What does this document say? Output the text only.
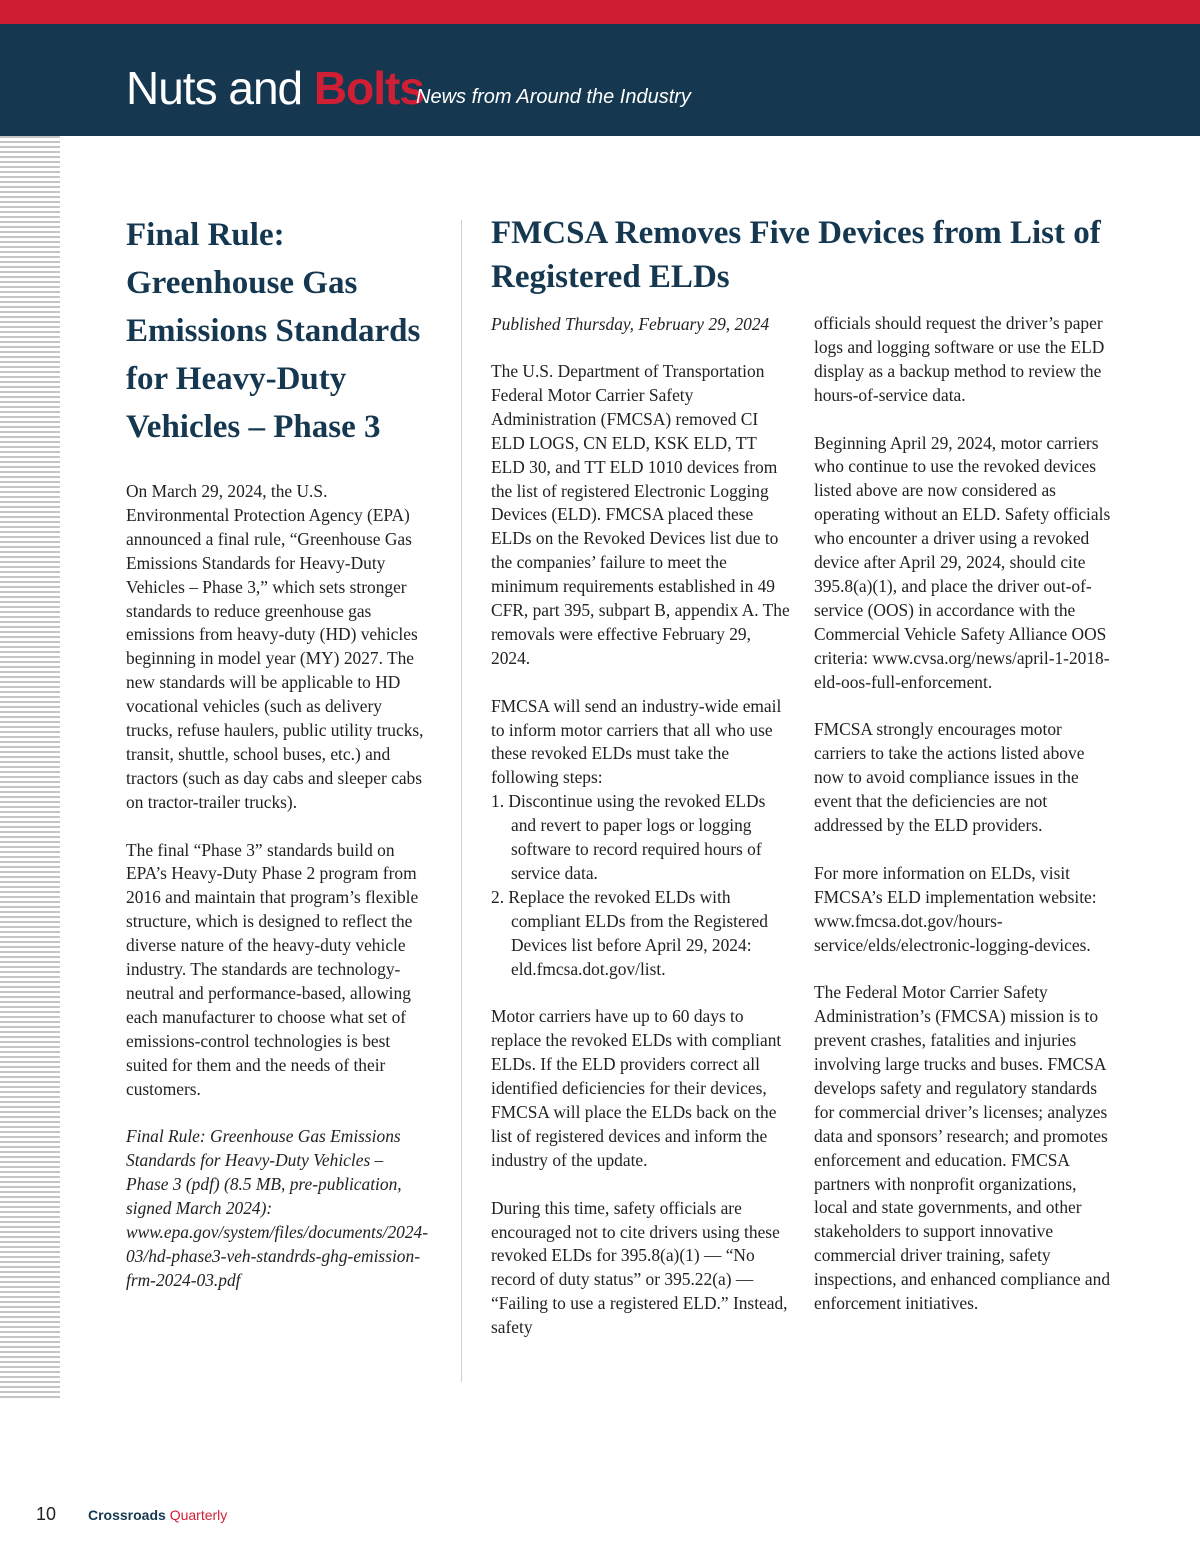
Nuts and Bolts
News from Around the Industry
Final Rule: Greenhouse Gas Emissions Standards for Heavy-Duty Vehicles – Phase 3

On March 29, 2024, the U.S. Environmental Protection Agency (EPA) announced a final rule, “Greenhouse Gas Emissions Standards for Heavy-Duty Vehicles – Phase 3,” which sets stronger standards to reduce greenhouse gas emissions from heavy-duty (HD) vehicles beginning in model year (MY) 2027. The new standards will be applicable to HD vocational vehicles (such as delivery trucks, refuse haulers, public utility trucks, transit, shuttle, school buses, etc.) and tractors (such as day cabs and sleeper cabs on tractor-trailer trucks).

The final “Phase 3” standards build on EPA’s Heavy-Duty Phase 2 program from 2016 and maintain that program’s flexible structure, which is designed to reflect the diverse nature of the heavy-duty vehicle industry. The standards are technology-neutral and performance-based, allowing each manufacturer to choose what set of emissions-control technologies is best suited for them and the needs of their customers.

Final Rule: Greenhouse Gas Emissions Standards for Heavy-Duty Vehicles – Phase 3 (pdf) (8.5 MB, pre-publication, signed March 2024): www.epa.gov/system/files/documents/2024-03/hd-phase3-veh-standrds-ghg-emission-frm-2024-03.pdf

FMCSA Removes Five Devices from List of Registered ELDs
Published Thursday, February 29, 2024

The U.S. Department of Transportation Federal Motor Carrier Safety Administration (FMCSA) removed CI ELD LOGS, CN ELD, KSK ELD, TT ELD 30, and TT ELD 1010 devices from the list of registered Electronic Logging Devices (ELD). FMCSA placed these ELDs on the Revoked Devices list due to the companies’ failure to meet the minimum requirements established in 49 CFR, part 395, subpart B, appendix A. The removals were effective February 29, 2024.

FMCSA will send an industry-wide email to inform motor carriers that all who use these revoked ELDs must take the following steps:

1. Discontinue using the revoked ELDs and revert to paper logs or logging software to record required hours of service data.
2. Replace the revoked ELDs with compliant ELDs from the Registered Devices list before April 29, 2024: eld.fmcsa.dot.gov/list.

Motor carriers have up to 60 days to replace the revoked ELDs with compliant ELDs. If the ELD providers correct all identified deficiencies for their devices, FMCSA will place the ELDs back on the list of registered devices and inform the industry of the update.

During this time, safety officials are encouraged not to cite drivers using these revoked ELDs for 395.8(a)(1) — “No record of duty status” or 395.22(a) — “Failing to use a registered ELD.” Instead, safety

officials should request the driver’s paper logs and logging software or use the ELD display as a backup method to review the hours-of-service data.

Beginning April 29, 2024, motor carriers who continue to use the revoked devices listed above are now considered as operating without an ELD. Safety officials who encounter a driver using a revoked device after April 29, 2024, should cite 395.8(a)(1), and place the driver out-of-service (OOS) in accordance with the Commercial Vehicle Safety Alliance OOS criteria: www.cvsa.org/news/april-1-2018-eld-oos-full-enforcement.

FMCSA strongly encourages motor carriers to take the actions listed above now to avoid compliance issues in the event that the deficiencies are not addressed by the ELD providers.

For more information on ELDs, visit FMCSA’s ELD implementation website: www.fmcsa.dot.gov/hours-service/elds/electronic-logging-devices.

The Federal Motor Carrier Safety Administration’s (FMCSA) mission is to prevent crashes, fatalities and injuries involving large trucks and buses. FMCSA develops safety and regulatory standards for commercial driver’s licenses; analyzes data and sponsors’ research; and promotes enforcement and education. FMCSA partners with nonprofit organizations, local and state governments, and other stakeholders to support innovative commercial driver training, safety inspections, and enhanced compliance and enforcement initiatives.

10 Crossroads Quarterly
